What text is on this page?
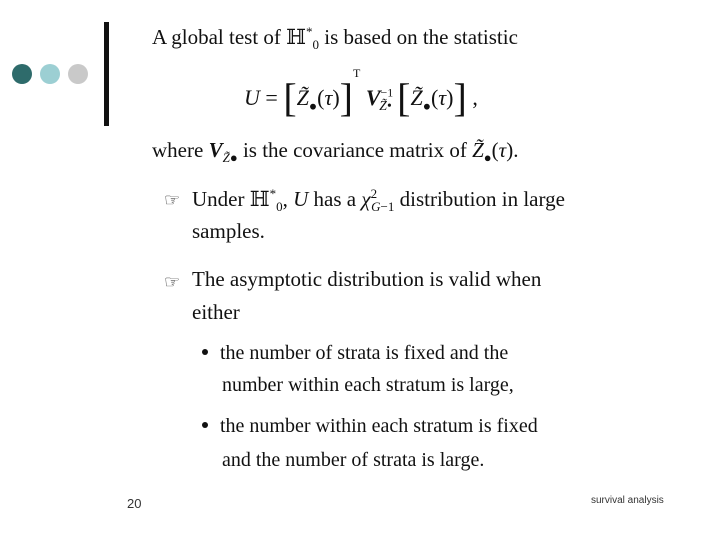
A global test of ℍ*$_0$ is based on the statistic
$U = [Z̃_●(\tau)]^T$ $V^{-1}_{Z̃•}$ $[Z̃_●(\tau)]$ ,
where $V_{Z̃●}$ is the covariance matrix of $Z̃_●(\tau)$.
☞ Under ℍ*$_0$, U has a $\chi^2_{G-1}$ distribution in large
samples.
☞ The asymptotic distribution is valid when
either
the number of strata is fixed and the
number within each stratum is large,
the number within each stratum is fixed
and the number of strata is large.
20	survival analysis
